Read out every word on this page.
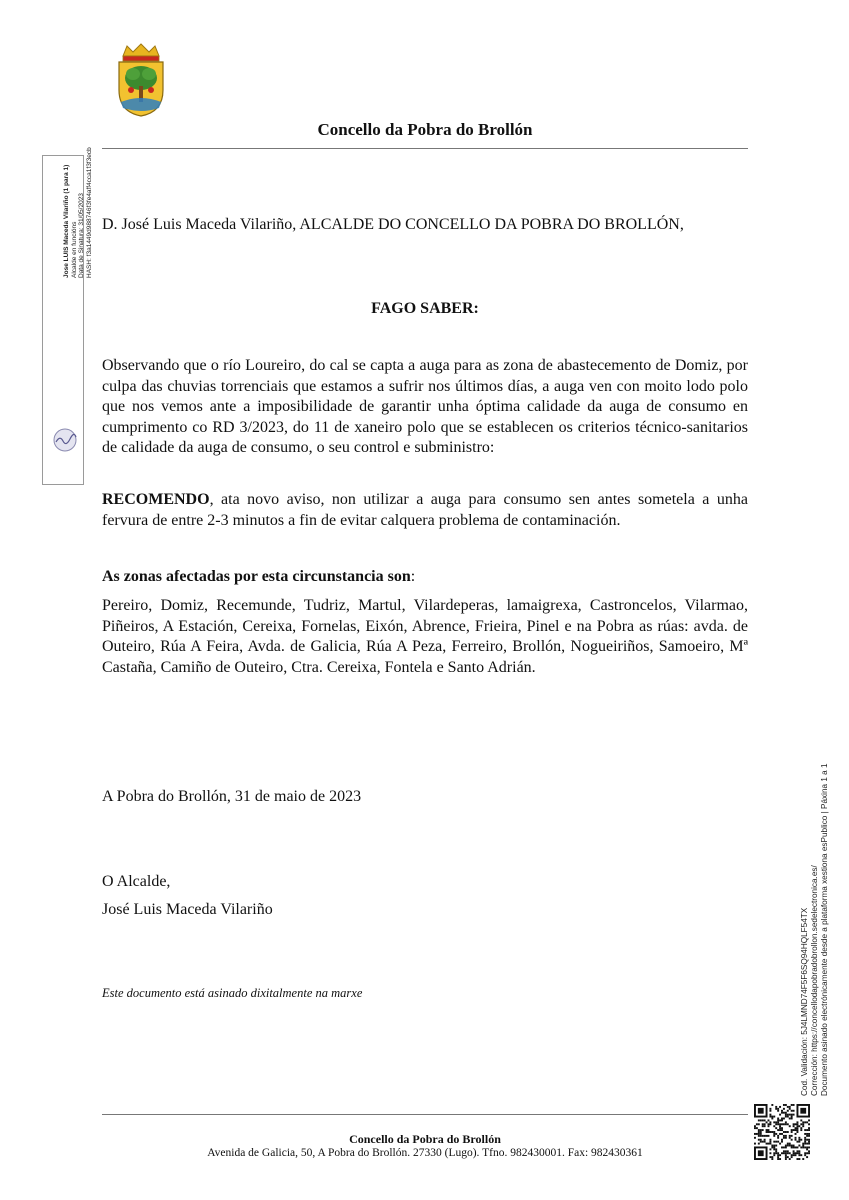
Concello da Pobra do Brollón
Jose LUIS Maceda Vilariño (1 para 1) Alcalde en funcións Data de Sinatura: 31/05/2023 HASH: f3a1449d988746f3fe4aff4cca1f3f3ecb D. José Luis Maceda Vilariño, ALCALDE DO CONCELLO DA POBRA DO BROLLÓN,
FAGO SABER:
Observando que o río Loureiro, do cal se capta a auga para as zona de abastecemento de Domiz, por culpa das chuvias torrenciais que estamos a sufrir nos últimos días, a auga ven con moito lodo polo que nos vemos ante a imposibilidade de garantir unha óptima calidade da auga de consumo en cumprimento co RD 3/2023, do 11 de xaneiro polo que se establecen os criterios técnico-sanitarios de calidade da auga de consumo, o seu control e subministro:
RECOMENDO, ata novo aviso, non utilizar a auga para consumo sen antes sometela a unha fervura de entre 2-3 minutos a fin de evitar calquera problema de contaminación.
As zonas afectadas por esta circunstancia son:
Pereiro, Domiz, Recemunde, Tudriz, Martul, Vilardeperas, lamaigrexa, Castroncelos, Vilarmao, Piñeiros, A Estación, Cereixa, Fornelas, Eixón, Abrence, Frieira, Pinel e na Pobra as rúas: avda. de Outeiro, Rúa A Feira, Avda. de Galicia, Rúa A Peza, Ferreiro, Brollón, Nogueiriños, Samoeiro, Mª Castaña, Camiño de Outeiro, Ctra. Cereixa, Fontela e Santo Adrián.
A Pobra do Brollón, 31 de maio de 2023
O Alcalde,
José Luis Maceda Vilariño
Este documento está asinado dixitalmente na marxe	Cod. Validación: 5J4LMND74F5F6SQ94HQLF54TX Corrección: https://concellodapobradobrollon.sedelectronica.es/ Documento asinado electrónicamente desde a plataforma xestiona esPublico | Páxina 1 a 1
Concello da Pobra do Brollón
Avenida de Galicia, 50, A Pobra do Brollón. 27330 (Lugo). Tfno. 982430001. Fax: 982430361
